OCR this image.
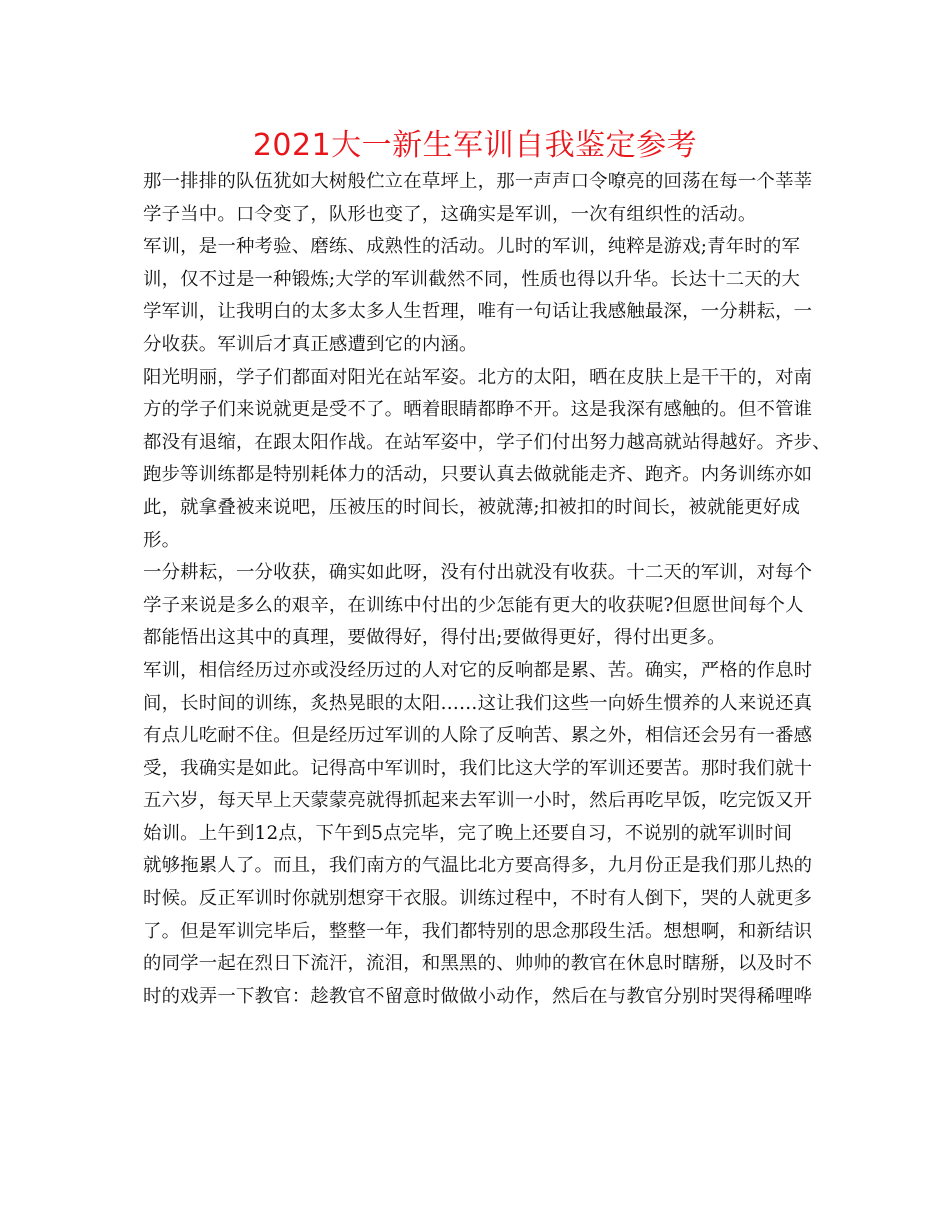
2021大一新生军训自我鉴定参考
那一排排的队伍犹如大树般伫立在草坪上，那一声声口令嘹亮的回荡在每一个莘莘
学子当中。口令变了，队形也变了，这确实是军训，一次有组织性的活动。
军训，是一种考验、磨练、成熟性的活动。儿时的军训，纯粹是游戏;青年时的军
训，仅不过是一种锻炼;大学的军训截然不同，性质也得以升华。长达十二天的大
学军训，让我明白的太多太多人生哲理，唯有一句话让我感触最深，一分耕耘，一
分收获。军训后才真正感遭到它的内涵。
阳光明丽，学子们都面对阳光在站军姿。北方的太阳，晒在皮肤上是干干的，对南
方的学子们来说就更是受不了。晒着眼睛都睁不开。这是我深有感触的。但不管谁
都没有退缩，在跟太阳作战。在站军姿中，学子们付出努力越高就站得越好。齐步、
跑步等训练都是特别耗体力的活动，只要认真去做就能走齐、跑齐。内务训练亦如
此，就拿叠被来说吧，压被压的时间长，被就薄;扣被扣的时间长，被就能更好成
形。
一分耕耘，一分收获，确实如此呀，没有付出就没有收获。十二天的军训，对每个
学子来说是多么的艰辛，在训练中付出的少怎能有更大的收获呢?但愿世间每个人
都能悟出这其中的真理，要做得好，得付出;要做得更好，得付出更多。
军训，相信经历过亦或没经历过的人对它的反响都是累、苦。确实，严格的作息时
间，长时间的训练，炙热晃眼的太阳……这让我们这些一向娇生惯养的人来说还真
有点儿吃耐不住。但是经历过军训的人除了反响苦、累之外，相信还会另有一番感
受，我确实是如此。记得高中军训时，我们比这大学的军训还要苦。那时我们就十
五六岁，每天早上天蒙蒙亮就得抓起来去军训一小时，然后再吃早饭，吃完饭又开
始训。上午到12点，下午到5点完毕，完了晚上还要自习，不说别的就军训时间
就够拖累人了。而且，我们南方的气温比北方要高得多，九月份正是我们那儿热的
时候。反正军训时你就别想穿干衣服。训练过程中，不时有人倒下，哭的人就更多
了。但是军训完毕后，整整一年，我们都特别的思念那段生活。想想啊，和新结识
的同学一起在烈日下流汗，流泪，和黑黑的、帅帅的教官在休息时瞎掰，以及时不
时的戏弄一下教官：趁教官不留意时做做小动作，然后在与教官分别时哭得稀哩哗
